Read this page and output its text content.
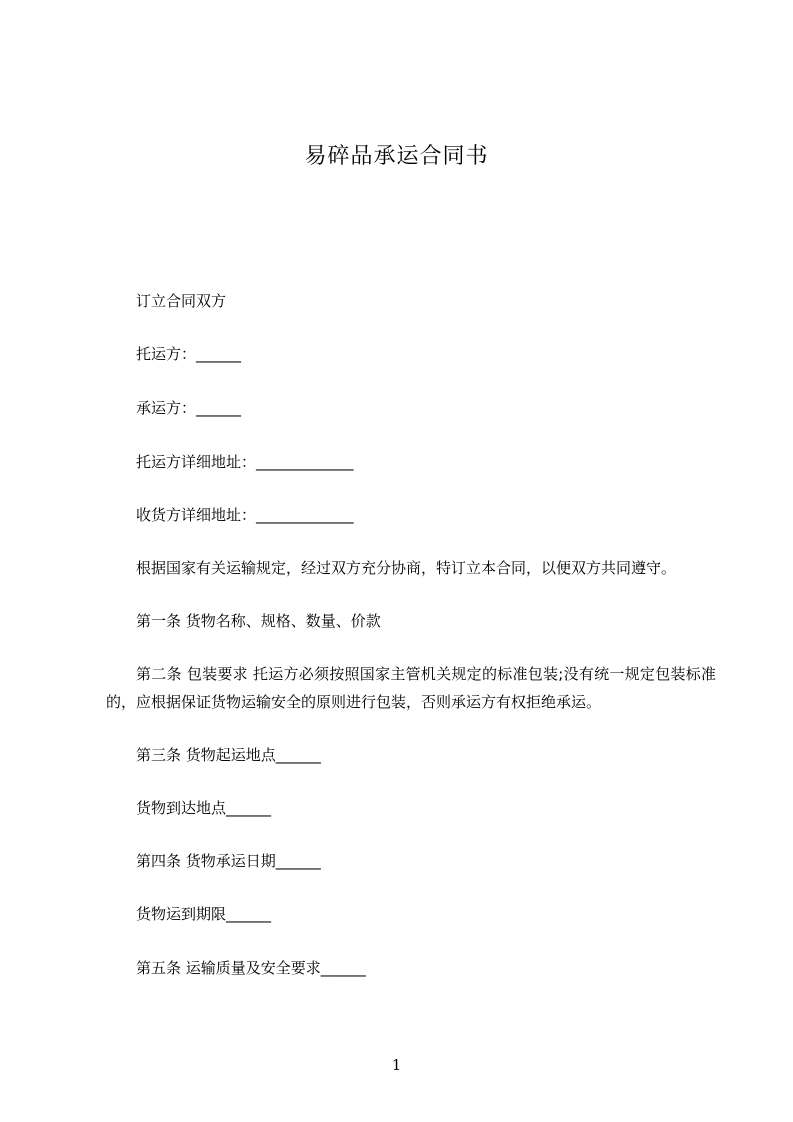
易碎品承运合同书
订立合同双方
托运方：______
承运方：______
托运方详细地址：_____________
收货方详细地址：_____________
根据国家有关运输规定，经过双方充分协商，特订立本合同，以便双方共同遵守。
第一条 货物名称、规格、数量、价款
第二条 包装要求 托运方必须按照国家主管机关规定的标准包装;没有统一规定包装标准的，应根据保证货物运输安全的原则进行包装，否则承运方有权拒绝承运。
第三条 货物起运地点______
货物到达地点______
第四条 货物承运日期______
货物运到期限______
第五条 运输质量及安全要求______
1
